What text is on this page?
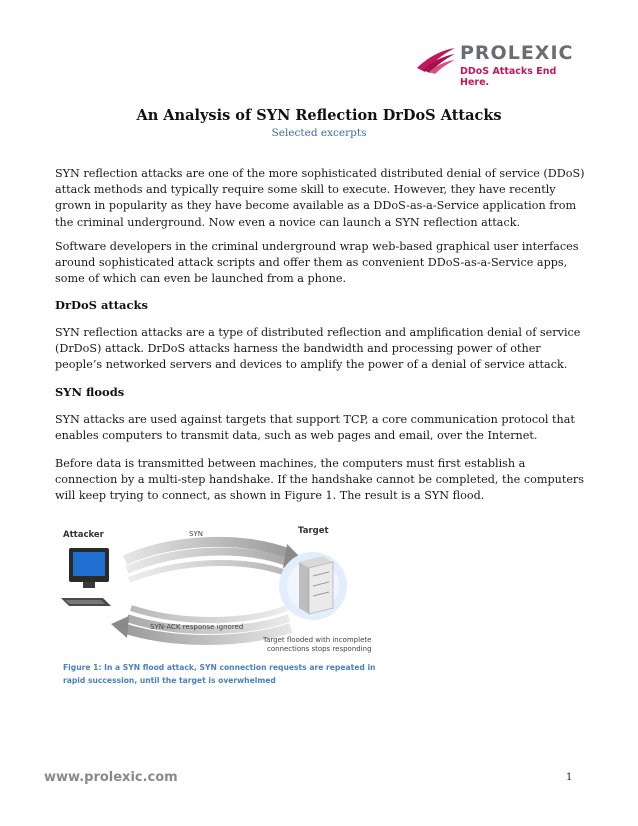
PROLEXIC
DDoS Attacks End Here.
An Analysis of SYN Reflection DrDoS Attacks
Selected excerpts

SYN reflection attacks are one of the more sophisticated distributed denial of service (DDoS) attack methods and typically require some skill to execute. However, they have recently grown in popularity as they have become available as a DDoS-as-a-Service application from the criminal underground. Now even a novice can launch a SYN reflection attack.

Software developers in the criminal underground wrap web-based graphical user interfaces around sophisticated attack scripts and offer them as convenient DDoS-as-a-Service apps, some of which can even be launched from a phone.

DrDoS attacks

SYN reflection attacks are a type of distributed reflection and amplification denial of service (DrDoS) attack. DrDoS attacks harness the bandwidth and processing power of other people’s networked servers and devices to amplify the power of a denial of service attack.

SYN floods

SYN attacks are used against targets that support TCP, a core communication protocol that enables computers to transmit data, such as web pages and email, over the Internet.

Before data is transmitted between machines, the computers must first establish a connection by a multi-step handshake. If the handshake cannot be completed, the computers will keep trying to connect, as shown in Figure 1. The result is a SYN flood.

Attacker	Target
SYN
SYN-ACK response ignored
Target flooded with incomplete
connections stops responding
Figure 1: In a SYN flood attack, SYN connection requests are repeated in
rapid succession, until the target is overwhelmed
www.prolexic.com	1
